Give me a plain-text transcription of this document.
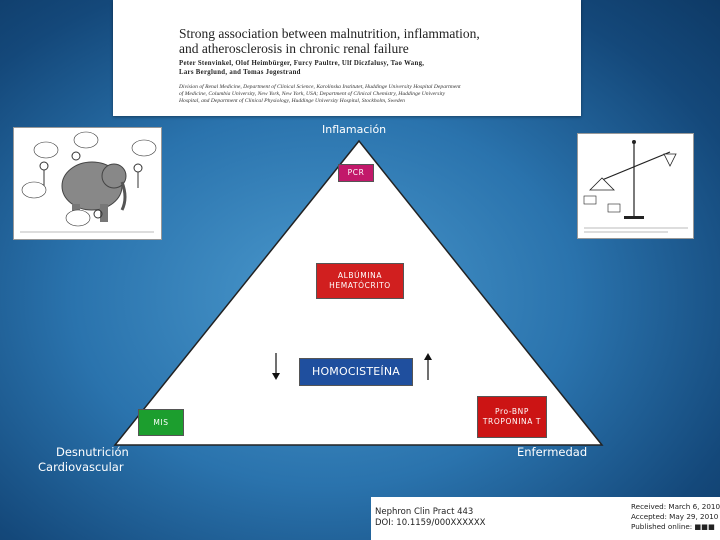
Strong association between malnutrition, inflammation,
and atherosclerosis in chronic renal failure
Peter Stenvinkel, Olof Heimbürger, Furcy Paultre, Ulf Diczfalusy, Tao Wang,
Lars Berglund, and Tomas Jogestrand
Division of Renal Medicine, Department of Clinical Science, Karolinska Institutet, Huddinge University Hospital Department
of Medicine, Columbia University, New York, New York, USA; Department of Clinical Chemistry, Huddinge University
Hospital, and Department of Clinical Physiology, Huddinge University Hospital, Stockholm, Sweden
Inflamación
Desnutrición
Cardiovascular
Enfermedad
PCR
ALBÚMINA
HEMATÓCRITO
HOMOCISTEÍNA
MIS
Pro-BNP
TROPONINA T
Nephron Clin Pract 443
DOI: 10.1159/000XXXXXX
Received: March 6, 2010
Accepted: May 29, 2010
Published online: ■■■
